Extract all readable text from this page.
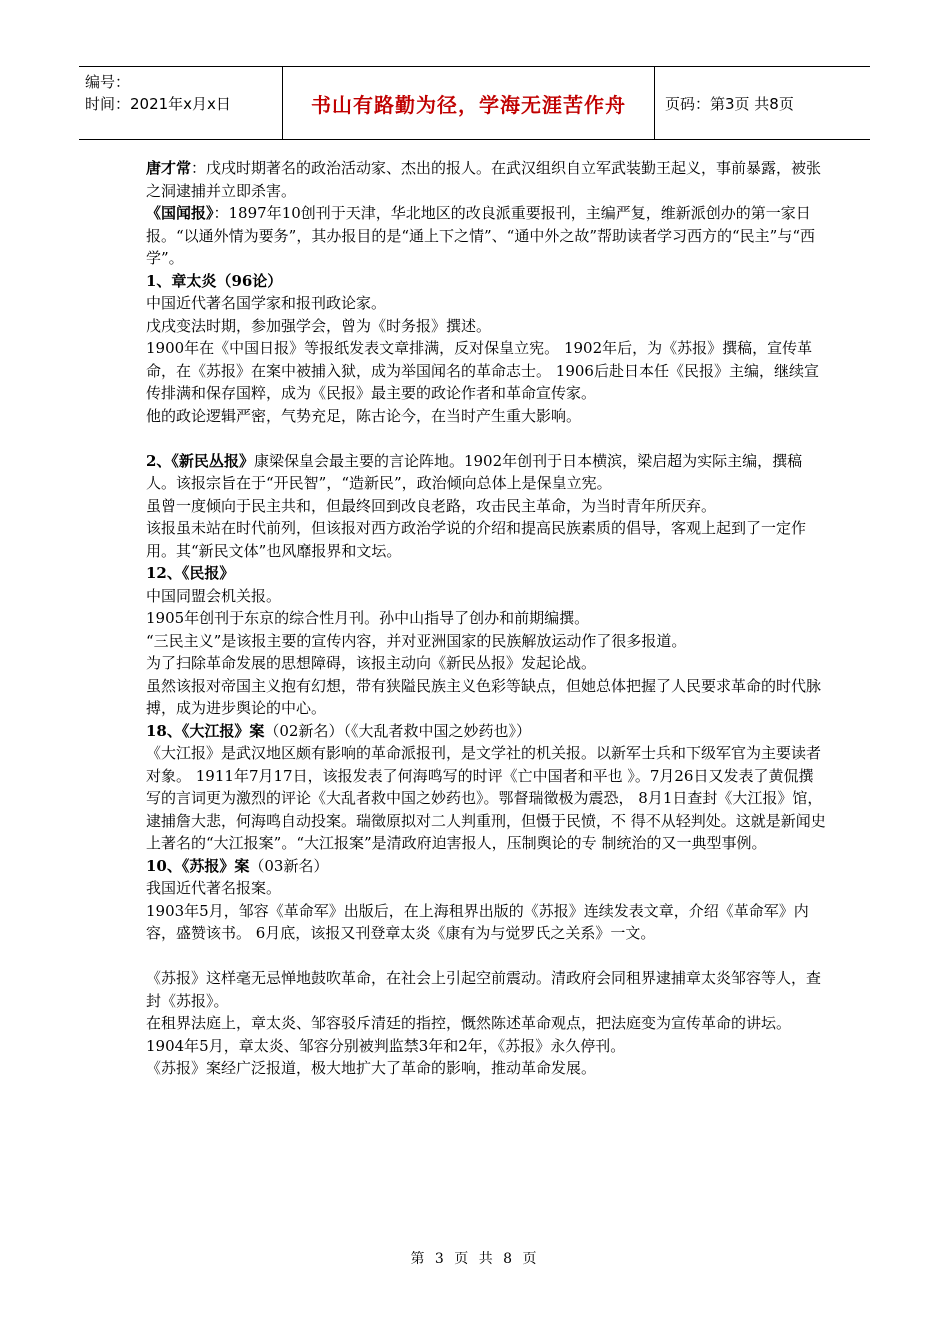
编号：
时间：2021年x月x日	书山有路勤为径，学海无涯苦作舟	页码：第3页 共8页

唐才常：戊戌时期著名的政治活动家、杰出的报人。在武汉组织自立军武装勤王起义，事前暴露，被张之洞逮捕并立即杀害。

《国闻报》：1897年10创刊于天津，华北地区的改良派重要报刊，主编严复，维新派创办的第一家日报。“以通外情为要务”，其办报目的是“通上下之情”、“通中外之故”帮助读者学习西方的“民主”与“西学”。

1、章太炎（96论）

中国近代著名国学家和报刊政论家。

戊戌变法时期，参加强学会，曾为《时务报》撰述。

1900年在《中国日报》等报纸发表文章排满，反对保皇立宪。 1902年后，为《苏报》撰稿，宣传革命，在《苏报》在案中被捕入狱，成为举国闻名的革命志士。 1906后赴日本任《民报》主编，继续宣传排满和保存国粹，成为《民报》最主要的政论作者和革命宣传家。

他的政论逻辑严密，气势充足，陈古论今，在当时产生重大影响。

2、《新民丛报》康梁保皇会最主要的言论阵地。1902年创刊于日本横滨，梁启超为实际主编，撰稿人。该报宗旨在于“开民智”，“造新民”，政治倾向总体上是保皇立宪。

虽曾一度倾向于民主共和，但最终回到改良老路，攻击民主革命，为当时青年所厌弃。

该报虽未站在时代前列，但该报对西方政治学说的介绍和提高民族素质的倡导，客观上起到了一定作用。其“新民文体”也风靡报界和文坛。

12、《民报》

中国同盟会机关报。

1905年创刊于东京的综合性月刊。孙中山指导了创办和前期编撰。

“三民主义”是该报主要的宣传内容，并对亚洲国家的民族解放运动作了很多报道。

为了扫除革命发展的思想障碍，该报主动向《新民丛报》发起论战。

虽然该报对帝国主义抱有幻想，带有狭隘民族主义色彩等缺点，但她总体把握了人民要求革命的时代脉搏，成为进步舆论的中心。

18、《大江报》案（02新名）（《大乱者救中国之妙药也》）

《大江报》是武汉地区颇有影响的革命派报刊，是文学社的机关报。以新军士兵和下级军官为主要读者对象。 1911年7月17日，该报发表了何海鸣写的时评《亡中国者和平也 》。7月26日又发表了黄侃撰写的言词更为激烈的评论《大乱者救中国之妙药也》。鄂督瑞徵极为震恐， 8月1日查封《大江报》馆，逮捕詹大悲，何海鸣自动投案。瑞徵原拟对二人判重刑，但慑于民愤，不 得不从轻判处。这就是新闻史上著名的“大江报案”。“大江报案”是清政府迫害报人，压制舆论的专 制统治的又一典型事例。

10、《苏报》案（03新名）

我国近代著名报案。

1903年5月，邹容《革命军》出版后，在上海租界出版的《苏报》连续发表文章，介绍《革命军》内容，盛赞该书。 6月底，该报又刊登章太炎《康有为与觉罗氏之关系》一文。

《苏报》这样毫无忌惮地鼓吹革命，在社会上引起空前震动。清政府会同租界逮捕章太炎邹容等人，查封《苏报》。

在租界法庭上，章太炎、邹容驳斥清廷的指控，慨然陈述革命观点，把法庭变为宣传革命的讲坛。1904年5月，章太炎、邹容分别被判监禁3年和2年，《苏报》永久停刊。

《苏报》案经广泛报道，极大地扩大了革命的影响，推动革命发展。

第 3 页 共 8 页
